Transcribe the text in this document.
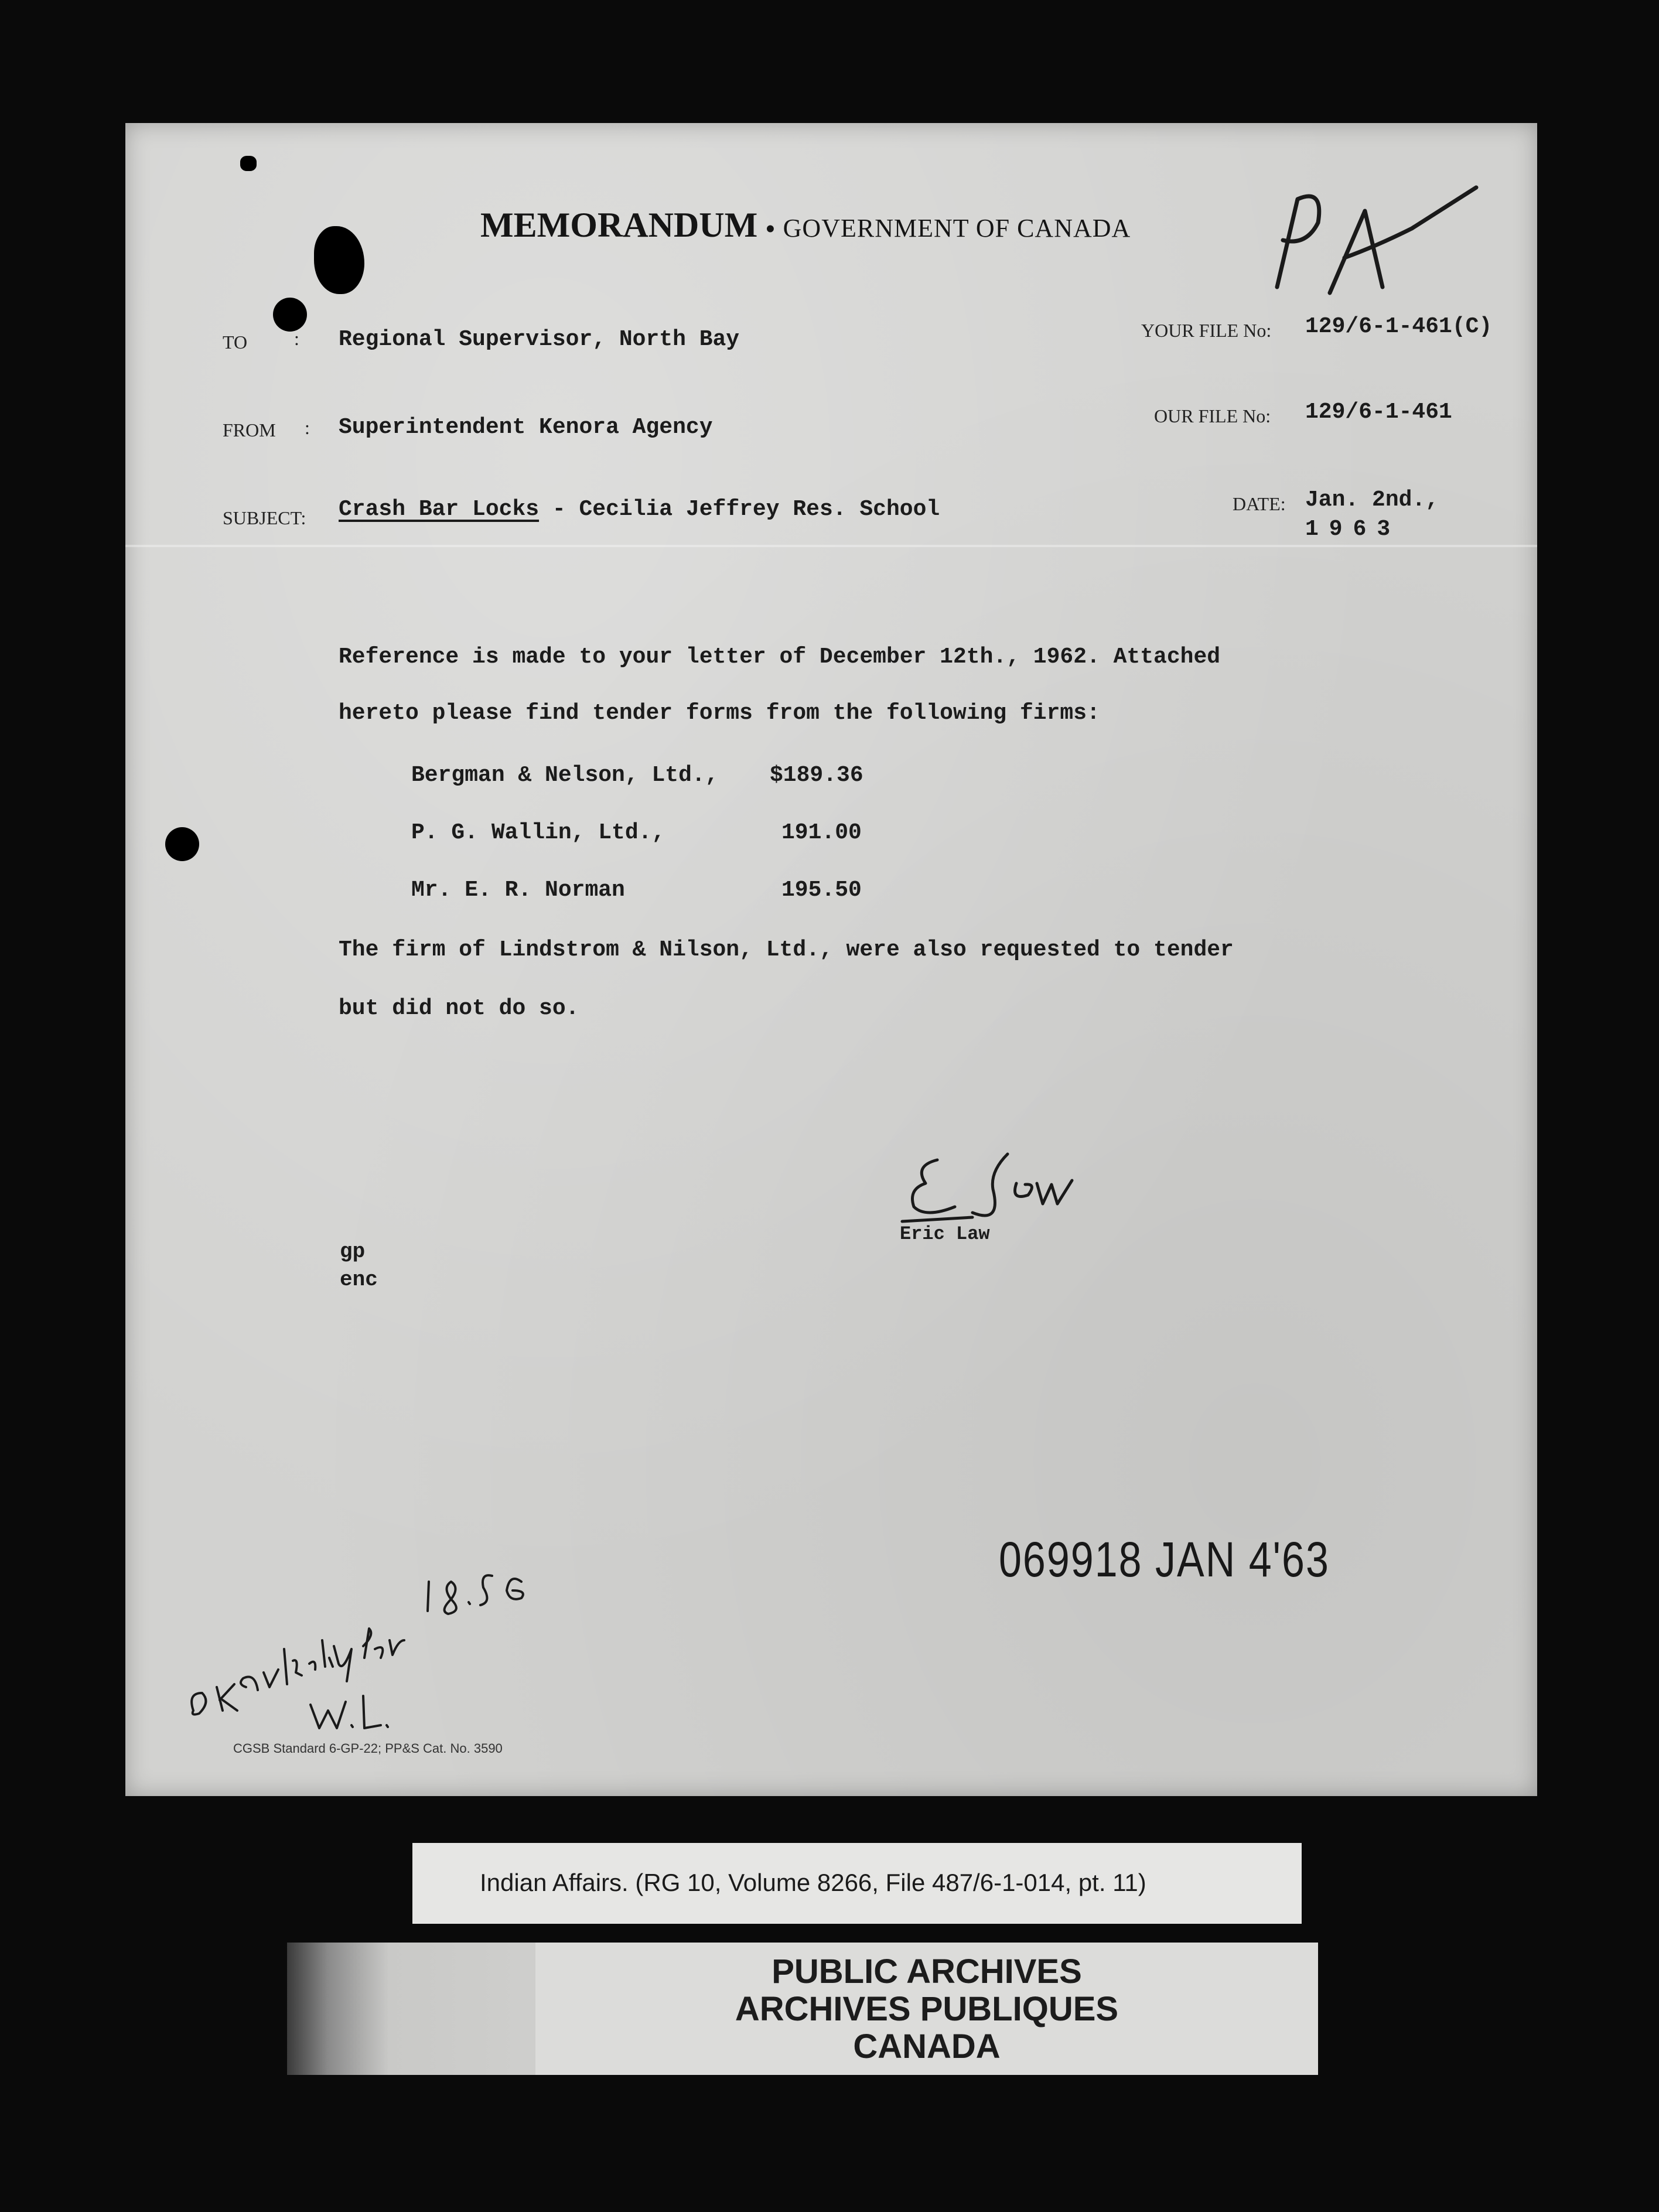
MEMORANDUM • GOVERNMENT OF CANADA
TO : Regional Supervisor, North Bay
FROM : Superintendent Kenora Agency
SUBJECT: Crash Bar Locks - Cecilia Jeffrey Res. School
YOUR FILE No: 129/6-1-461(C)
OUR FILE No: 129/6-1-461
DATE: Jan. 2nd.,
1963
Reference is made to your letter of December 12th., 1962. Attached
hereto please find tender forms from the following firms:
Bergman & Nelson, Ltd., $189.36
P. G. Wallin, Ltd.,	191.00
Mr. E. R. Norman	195.50
The firm of Lindstrom & Nilson, Ltd., were also requested to tender
but did not do so.
Eric Law
gp
enc
069918 JAN 4'63
CGSB Standard 6-GP-22; PP&S Cat. No. 3590
Indian Affairs. (RG 10, Volume 8266, File 487/6-1-014, pt. 11)
PUBLIC ARCHIVES
ARCHIVES PUBLIQUES
CANADA
